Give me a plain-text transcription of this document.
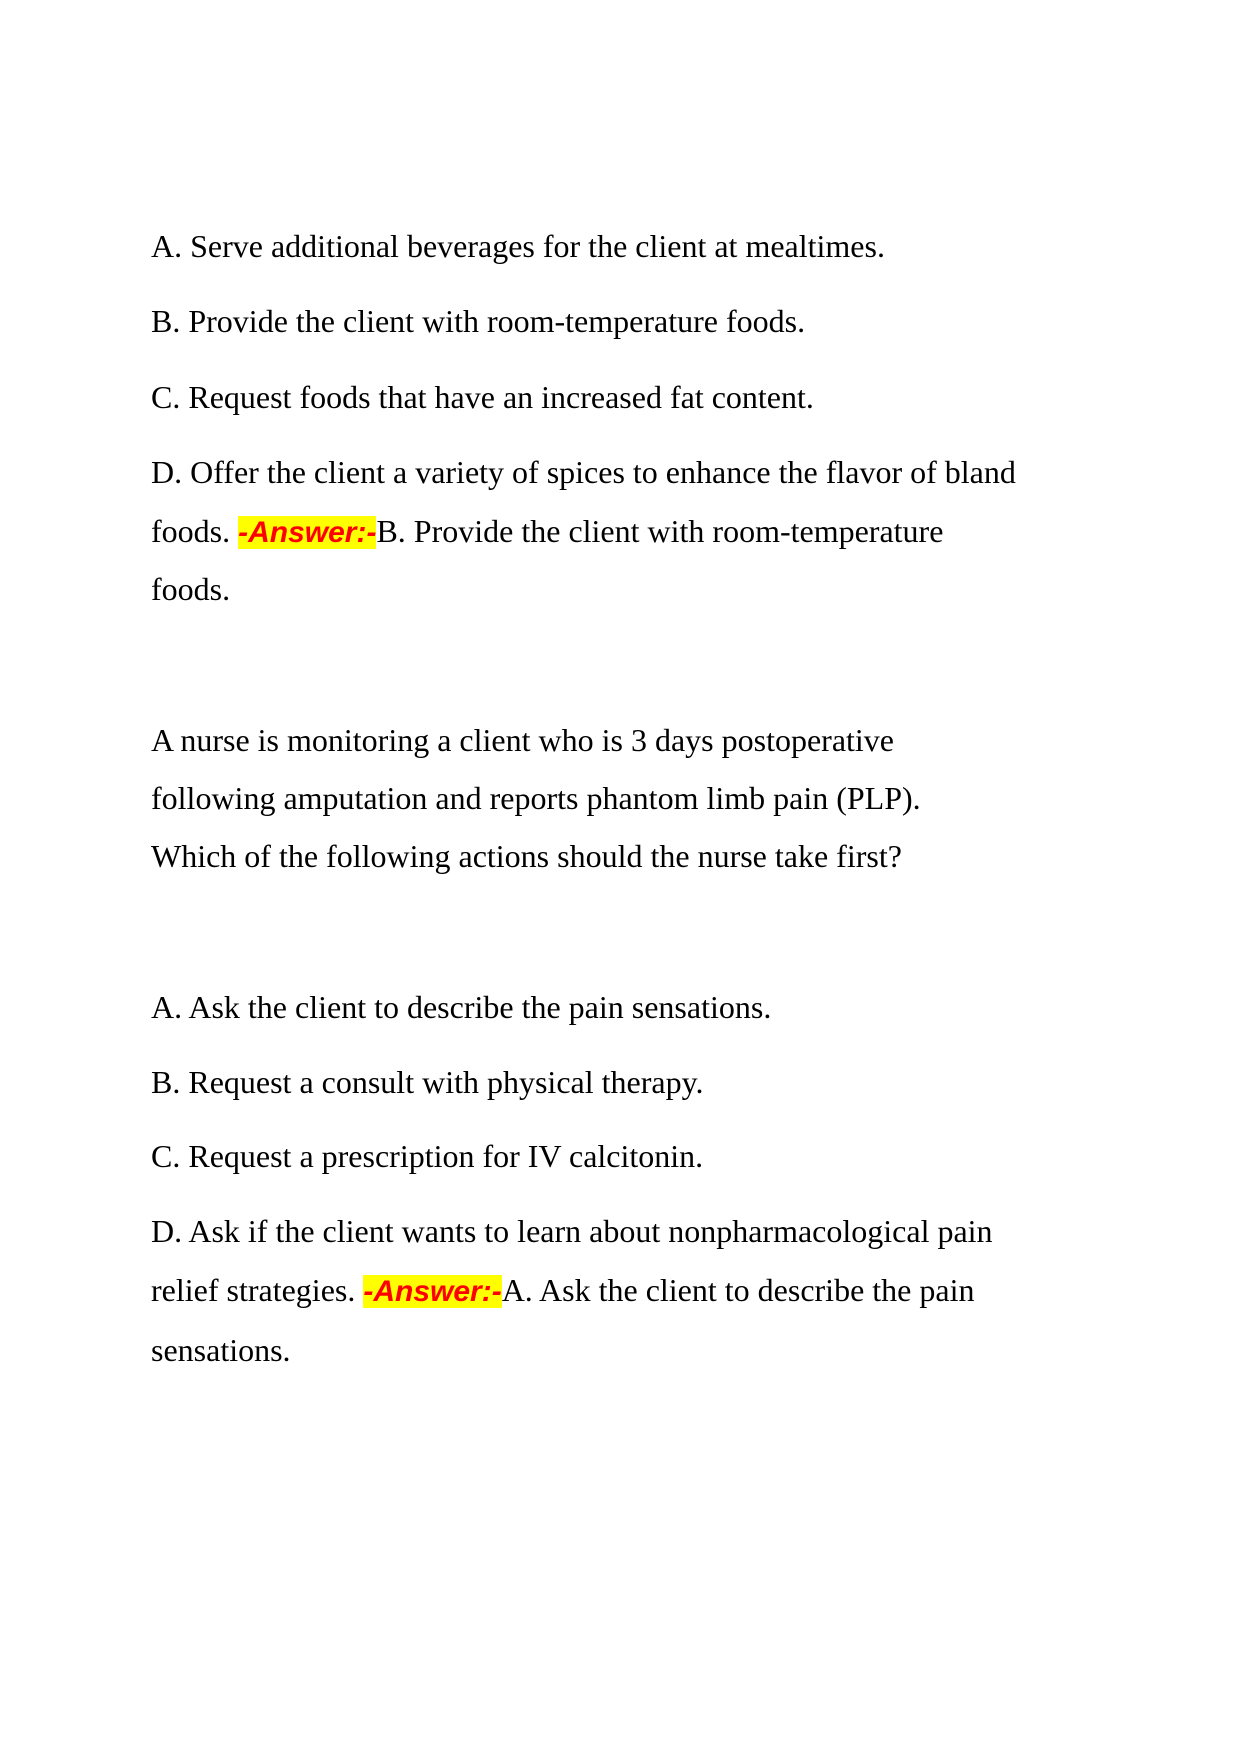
A. Serve additional beverages for the client at mealtimes.
B. Provide the client with room-temperature foods.
C. Request foods that have an increased fat content.
D. Offer the client a variety of spices to enhance the flavor of bland
foods. -Answer:-B. Provide the client with room-temperature
foods.
A nurse is monitoring a client who is 3 days postoperative
following amputation and reports phantom limb pain (PLP).
Which of the following actions should the nurse take first?
A. Ask the client to describe the pain sensations.
B. Request a consult with physical therapy.
C. Request a prescription for IV calcitonin.
D. Ask if the client wants to learn about nonpharmacological pain
relief strategies. -Answer:-A. Ask the client to describe the pain
sensations.
